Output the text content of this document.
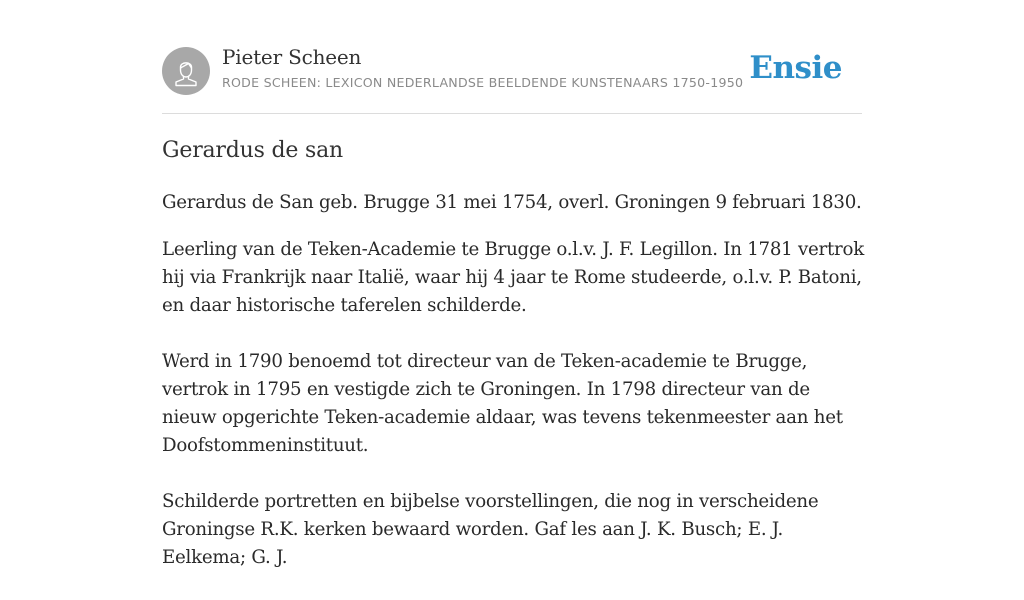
Pieter Scheen
RODE SCHEEN: LEXICON NEDERLANDSE BEELDENDE KUNSTENAARS 1750-1950 Ensie
Gerardus de san

Gerardus de San geb. Brugge 31 mei 1754, overl. Groningen 9 februari 1830.

Leerling van de Teken-Academie te Brugge o.l.v. J. F. Legillon. In 1781 vertrok hij via Frankrijk naar Italië, waar hij 4 jaar te Rome studeerde, o.l.v. P. Batoni, en daar historische taferelen schilderde.

Werd in 1790 benoemd tot directeur van de Teken-academie te Brugge, vertrok in 1795 en vestigde zich te Groningen. In 1798 directeur van de nieuw opgerichte Teken-academie aldaar, was tevens tekenmeester aan het Doofstommeninstituut.

Schilderde portretten en bijbelse voorstellingen, die nog in verscheidene Groningse R.K. kerken bewaard worden. Gaf les aan J. K. Busch; E. J. Eelkema; G. J.
